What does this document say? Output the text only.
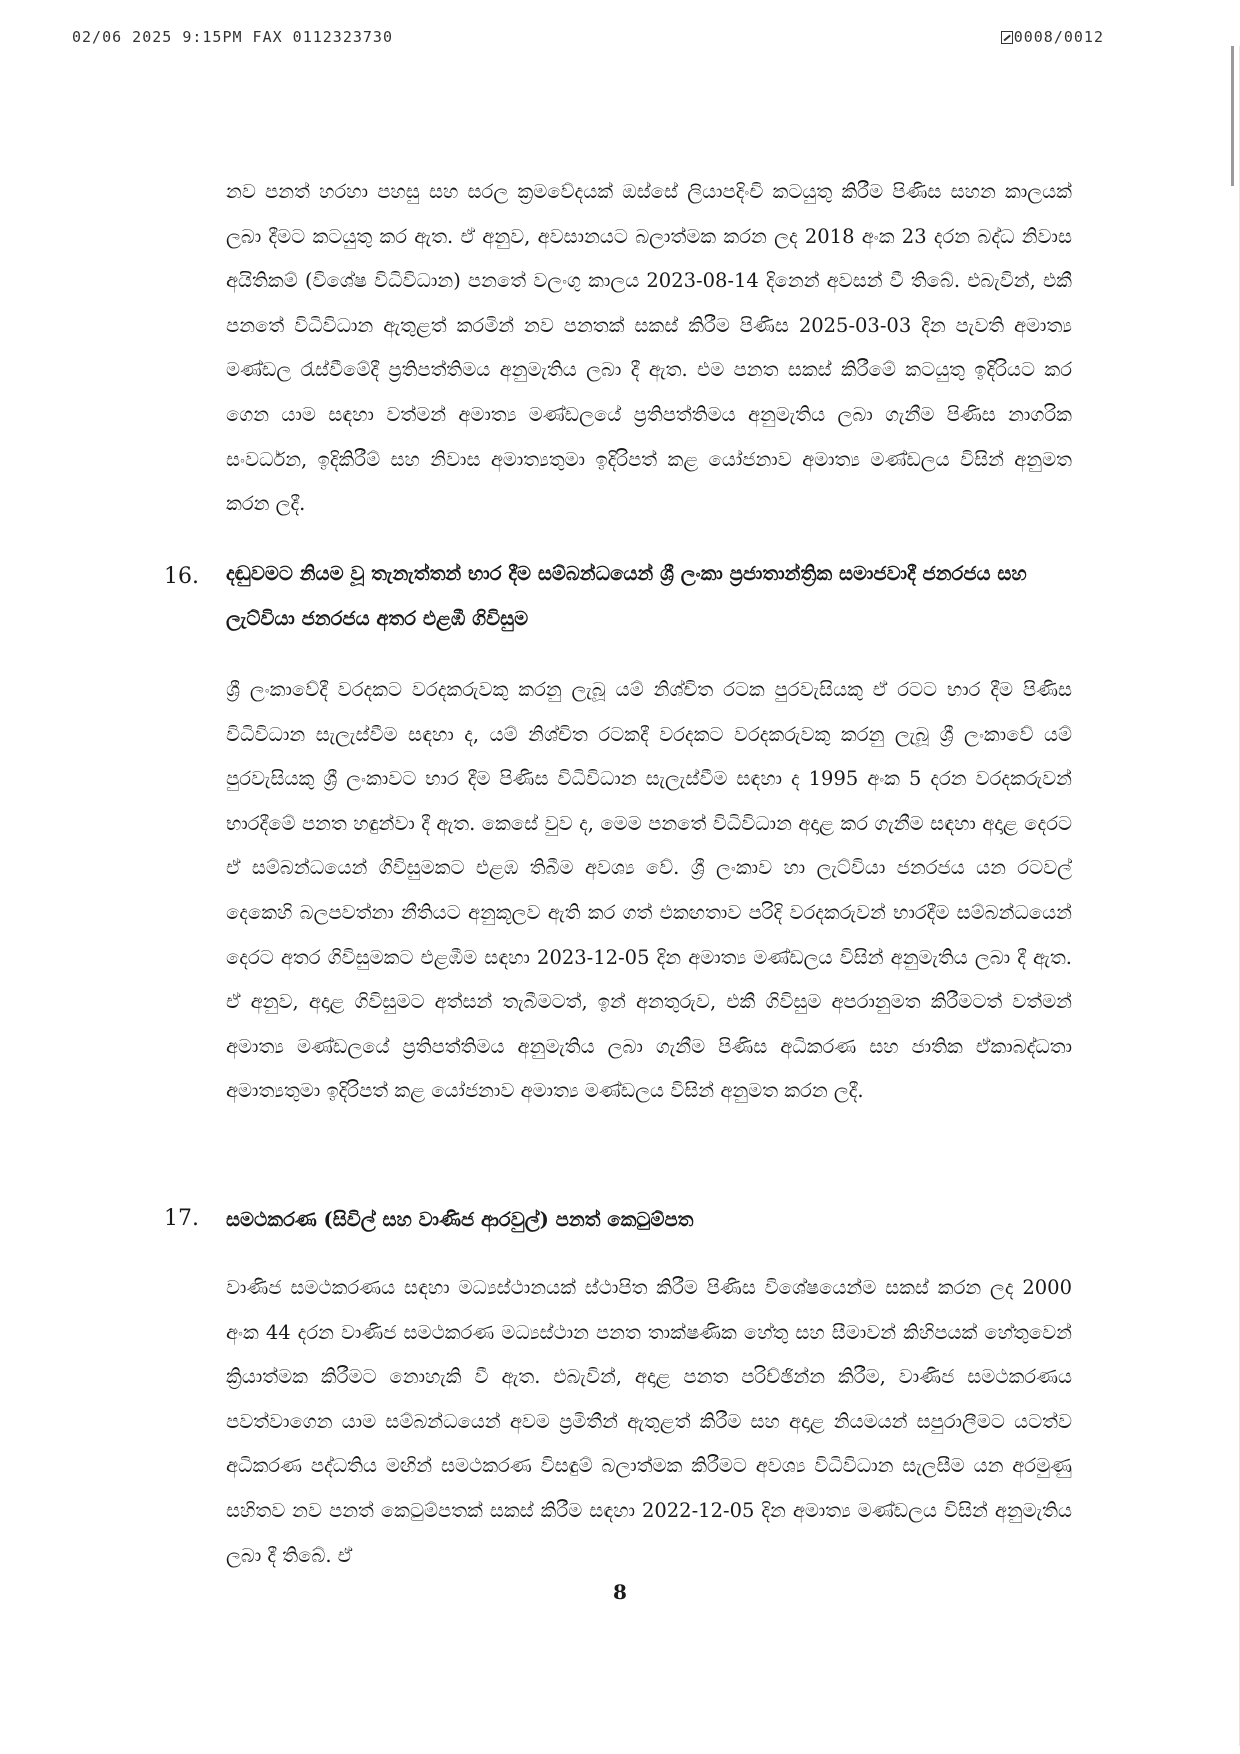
02/06 2025 9:15PM FAX 0112323730	0008/0012

නව පනත් හරහා පහසු සහ සරල ක්‍රමවේදයක් ඔස්සේ ලියාපදිංචි කටයුතු කිරීම පිණිස සහන කාලයක් ලබා දීමට කටයුතු කර ඇත. ඒ අනුව, අවසානයට බලාත්මක කරන ලද 2018 අංක 23 දරන බද්ධ නිවාස අයිතිකම් (විශේෂ විධිවිධාන) පනතේ වලංගු කාලය 2023-08-14 දිනෙන් අවසන් වී තිබේ. එබැවින්, එකී පනතේ විධිවිධාන ඇතුළත් කරමින් නව පනතක් සකස් කිරීම පිණිස 2025-03-03 දින පැවති අමාත්‍ය මණ්ඩල රැස්වීමේදී ප්‍රතිපත්තිමය අනුමැතිය ලබා දී ඇත. එම පනත සකස් කිරීමේ කටයුතු ඉදිරියට කර ගෙන යාම සඳහා වත්මන් අමාත්‍ය මණ්ඩලයේ ප්‍රතිපත්තිමය අනුමැතිය ලබා ගැනීම පිණිස නාගරික සංවර්ධන, ඉදිකිරීම් සහ නිවාස අමාත්‍යතුමා ඉදිරිපත් කළ යෝජනාව අමාත්‍ය මණ්ඩලය විසින් අනුමත කරන ලදී.

16. දඬුවමට නියම වූ තැනැත්තන් භාර දීම සම්බන්ධයෙන් ශ්‍රී ලංකා ප්‍රජාතාන්ත්‍රික සමාජවාදී ජනරජය සහ ලැට්වියා ජනරජය අතර එළඹී ගිවිසුම

ශ්‍රී ලංකාවේදී වරදකට වරදකරුවකු කරනු ලැබූ යම් නිශ්චිත රටක පුරවැසියකු ඒ රටට භාර දීම පිණිස විධිවිධාන සැලැස්වීම සඳහා ද, යම් නිශ්චිත රටකදී වරදකට වරදකරුවකු කරනු ලැබූ ශ්‍රී ලංකාවේ යම් පුරවැසියකු ශ්‍රී ලංකාවට භාර දීම පිණිස විධිවිධාන සැලැස්වීම සඳහා ද 1995 අංක 5 දරන වරදකරුවන් භාරදීමේ පනත හඳුන්වා දී ඇත. කෙසේ වුව ද, මෙම පනතේ විධිවිධාන අදාළ කර ගැනීම සඳහා අදාළ දෙරට ඒ සම්බන්ධයෙන් ගිවිසුමකට එළඹ තිබීම අවශ්‍ය වේ. ශ්‍රී ලංකාව හා ලැට්වියා ජනරජය යන රටවල් දෙකෙහි බලපවත්නා නීතියට අනුකූලව ඇති කර ගත් එකඟතාව පරිදි වරදකරුවන් භාරදීම සම්බන්ධයෙන් දෙරට අතර ගිවිසුමකට එළඹීම සඳහා 2023-12-05 දින අමාත්‍ය මණ්ඩලය විසින් අනුමැතිය ලබා දී ඇත. ඒ අනුව, අදාළ ගිවිසුමට අත්සන් තැබීමටත්, ඉන් අනතුරුව, එකී ගිවිසුම අපරානුමත කිරීමටත් වත්මන් අමාත්‍ය මණ්ඩලයේ ප්‍රතිපත්තිමය අනුමැතිය ලබා ගැනීම පිණිස අධිකරණ සහ ජාතික ඒකාබද්ධතා අමාත්‍යතුමා ඉදිරිපත් කළ යෝජනාව අමාත්‍ය මණ්ඩලය විසින් අනුමත කරන ලදී.

17. සමථකරණ (සිවිල් සහ වාණිජ ආරවුල්) පනත් කෙටුම්පත

වාණිජ සමථකරණය සඳහා මධ්‍යස්ථානයක් ස්ථාපිත කිරීම පිණිස විශේෂයෙන්ම සකස් කරන ලද 2000 අංක 44 දරන වාණිජ සමථකරණ මධ්‍යස්ථාන පනත තාක්ෂණික හේතු සහ සීමාවන් කිහිපයක් හේතුවෙන් ක්‍රියාත්මක කිරීමට නොහැකි වී ඇත. එබැවින්, අදාළ පනත පරිච්ඡින්න කිරීම, වාණිජ සමථකරණය පවත්වාගෙන යාම සම්බන්ධයෙන් අවම ප්‍රමිතීන් ඇතුළත් කිරීම සහ අදාළ නියමයන් සපුරාලීමට යටත්ව අධිකරණ පද්ධතිය මඟින් සමථකරණ විසඳුම් බලාත්මක කිරීමට අවශ්‍ය විධිවිධාන සැලසීම යන අරමුණු සහිතව නව පනත් කෙටුම්පතක් සකස් කිරීම සඳහා 2022-12-05 දින අමාත්‍ය මණ්ඩලය විසින් අනුමැතිය ලබා දී තිබේ. ඒ

8
